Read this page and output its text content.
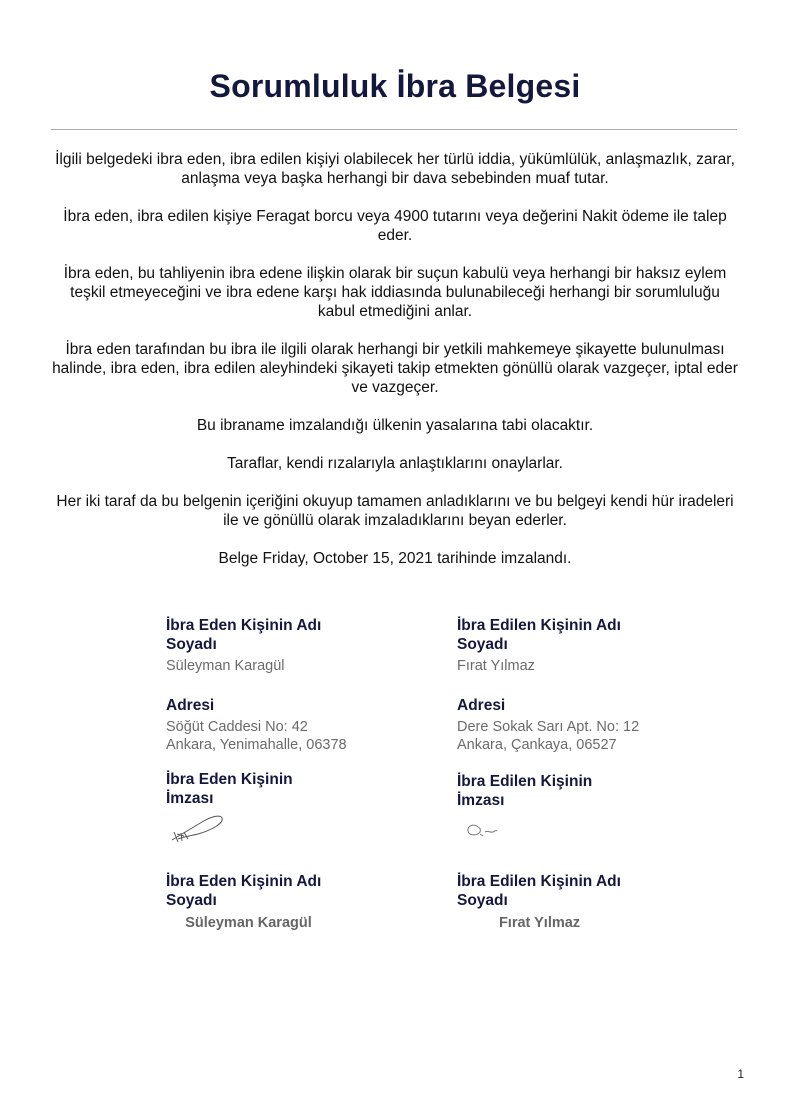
Sorumluluk İbra Belgesi

İlgili belgedeki ibra eden, ibra edilen kişiyi olabilecek her türlü iddia, yükümlülük, anlaşmazlık, zarar, anlaşma veya başka herhangi bir dava sebebinden muaf tutar.

İbra eden, ibra edilen kişiye Feragat borcu veya 4900 tutarını veya değerini Nakit ödeme ile talep eder.

İbra eden, bu tahliyenin ibra edene ilişkin olarak bir suçun kabulü veya herhangi bir haksız eylem teşkil etmeyeceğini ve ibra edene karşı hak iddiasında bulunabileceği herhangi bir sorumluluğu kabul etmediğini anlar.

İbra eden tarafından bu ibra ile ilgili olarak herhangi bir yetkili mahkemeye şikayette bulunulması halinde, ibra eden, ibra edilen aleyhindeki şikayeti takip etmekten gönüllü olarak vazgeçer, iptal eder ve vazgeçer.

Bu ibraname imzalandığı ülkenin yasalarına tabi olacaktır.

Taraflar, kendi rızalarıyla anlaştıklarını onaylarlar.

Her iki taraf da bu belgenin içeriğini okuyup tamamen anladıklarını ve bu belgeyi kendi hür iradeleri ile ve gönüllü olarak imzaladıklarını beyan ederler.

Belge Friday, October 15, 2021 tarihinde imzalandı.

İbra Eden Kişinin Adı Soyadı

Süleyman Karagül

Adresi

Söğüt Caddesi No: 42

Ankara, Yenimahalle, 06378

İbra Eden Kişinin İmzası

İbra Eden Kişinin Adı Soyadı

Süleyman Karagül

İbra Edilen Kişinin Adı Soyadı

Fırat Yılmaz

Adresi

Dere Sokak Sarı Apt. No: 12

Ankara, Çankaya, 06527

İbra Edilen Kişinin İmzası

İbra Edilen Kişinin Adı Soyadı

Fırat Yılmaz

1
